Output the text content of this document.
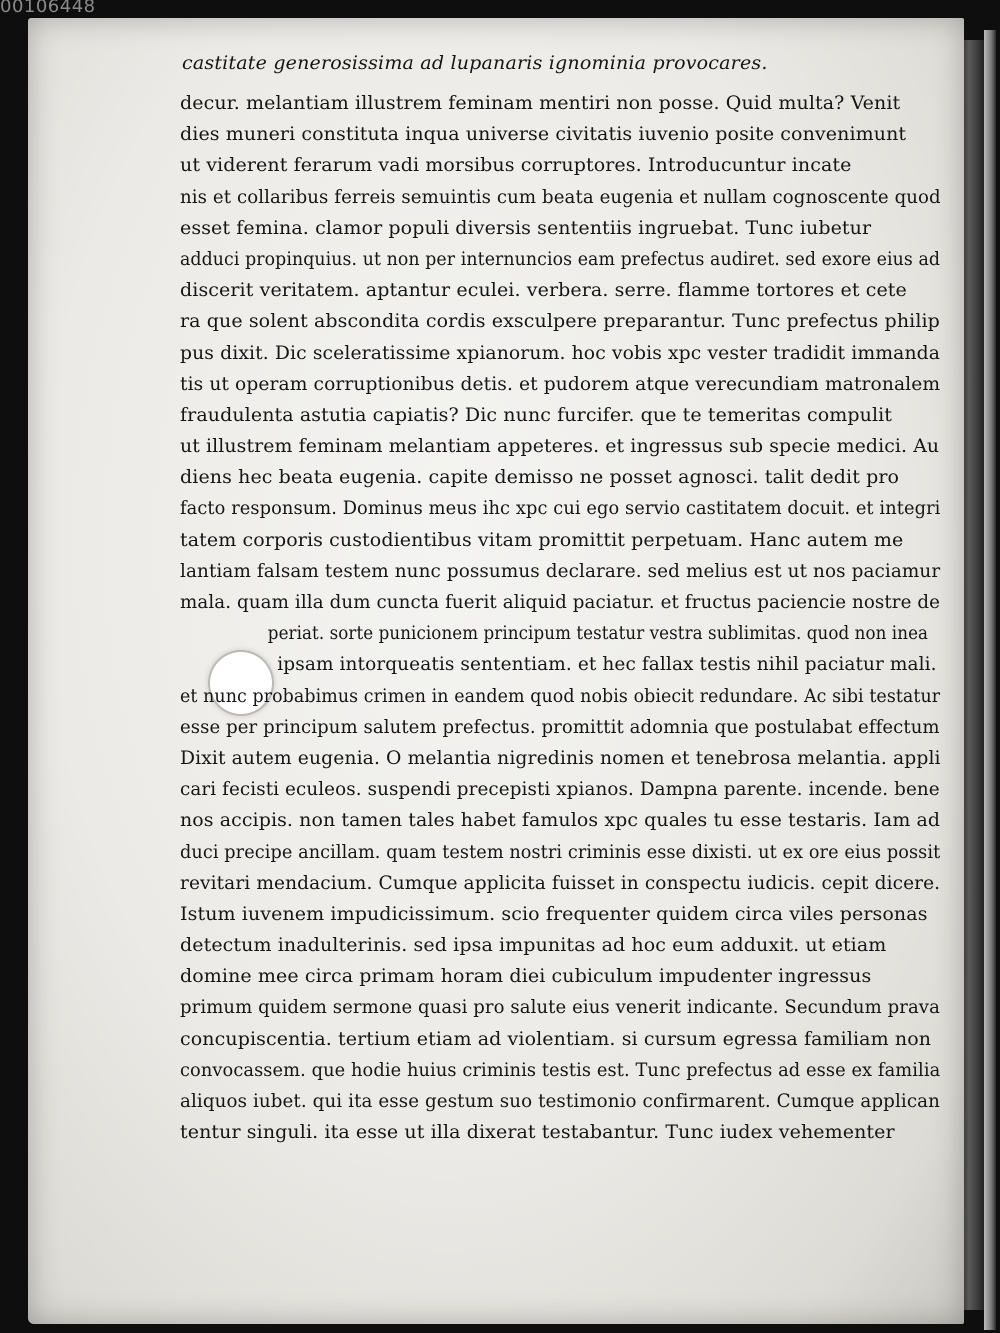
00106448
castitate generosissima ad lupanaris ignominia provocares.
decur. melantiam illustrem feminam mentiri non posse. Quid multa? Venit
dies muneri constituta inqua universe civitatis iuvenio posite convenimunt
ut viderent ferarum vadi morsibus corruptores. Introducuntur incate
nis et collaribus ferreis semuintis cum beata eugenia et nullam cognoscente quod
esset femina. clamor populi diversis sententiis ingruebat. Tunc iubetur
adduci propinquius. ut non per internuncios eam prefectus audiret. sed exore eius ad
discerit veritatem. aptantur eculei. verbera. serre. flamme tortores et cete
ra que solent abscondita cordis exsculpere preparantur. Tunc prefectus philip
pus dixit. Dic sceleratissime xpianorum. hoc vobis xpc vester tradidit immanda
tis ut operam corruptionibus detis. et pudorem atque verecundiam matronalem
fraudulenta astutia capiatis? Dic nunc furcifer. que te temeritas compulit
ut illustrem feminam melantiam appeteres. et ingressus sub specie medici. Au
diens hec beata eugenia. capite demisso ne posset agnosci. talit dedit pro
facto responsum. Dominus meus ihc xpc cui ego servio castitatem docuit. et integri
tatem corporis custodientibus vitam promittit perpetuam. Hanc autem me
lantiam falsam testem nunc possumus declarare. sed melius est ut nos paciamur
mala. quam illa dum cuncta fuerit aliquid paciatur. et fructus paciencie nostre de
periat. sorte punicionem principum testatur vestra sublimitas. quod non inea
ipsam intorqueatis sententiam. et hec fallax testis nihil paciatur mali.
et nunc probabimus crimen in eandem quod nobis obiecit redundare. Ac sibi testatur
esse per principum salutem prefectus. promittit adomnia que postulabat effectum
Dixit autem eugenia. O melantia nigredinis nomen et tenebrosa melantia. appli
cari fecisti eculeos. suspendi precepisti xpianos. Dampna parente. incende. bene
nos accipis. non tamen tales habet famulos xpc quales tu esse testaris. Iam ad
duci precipe ancillam. quam testem nostri criminis esse dixisti. ut ex ore eius possit
revitari mendacium. Cumque applicita fuisset in conspectu iudicis. cepit dicere.
Istum iuvenem impudicissimum. scio frequenter quidem circa viles personas
detectum inadulterinis. sed ipsa impunitas ad hoc eum adduxit. ut etiam
domine mee circa primam horam diei cubiculum impudenter ingressus
primum quidem sermone quasi pro salute eius venerit indicante. Secundum prava
concupiscentia. tertium etiam ad violentiam. si cursum egressa familiam non
convocassem. que hodie huius criminis testis est. Tunc prefectus ad esse ex familia
aliquos iubet. qui ita esse gestum suo testimonio confirmarent. Cumque applican
tentur singuli. ita esse ut illa dixerat testabantur. Tunc iudex vehementer
